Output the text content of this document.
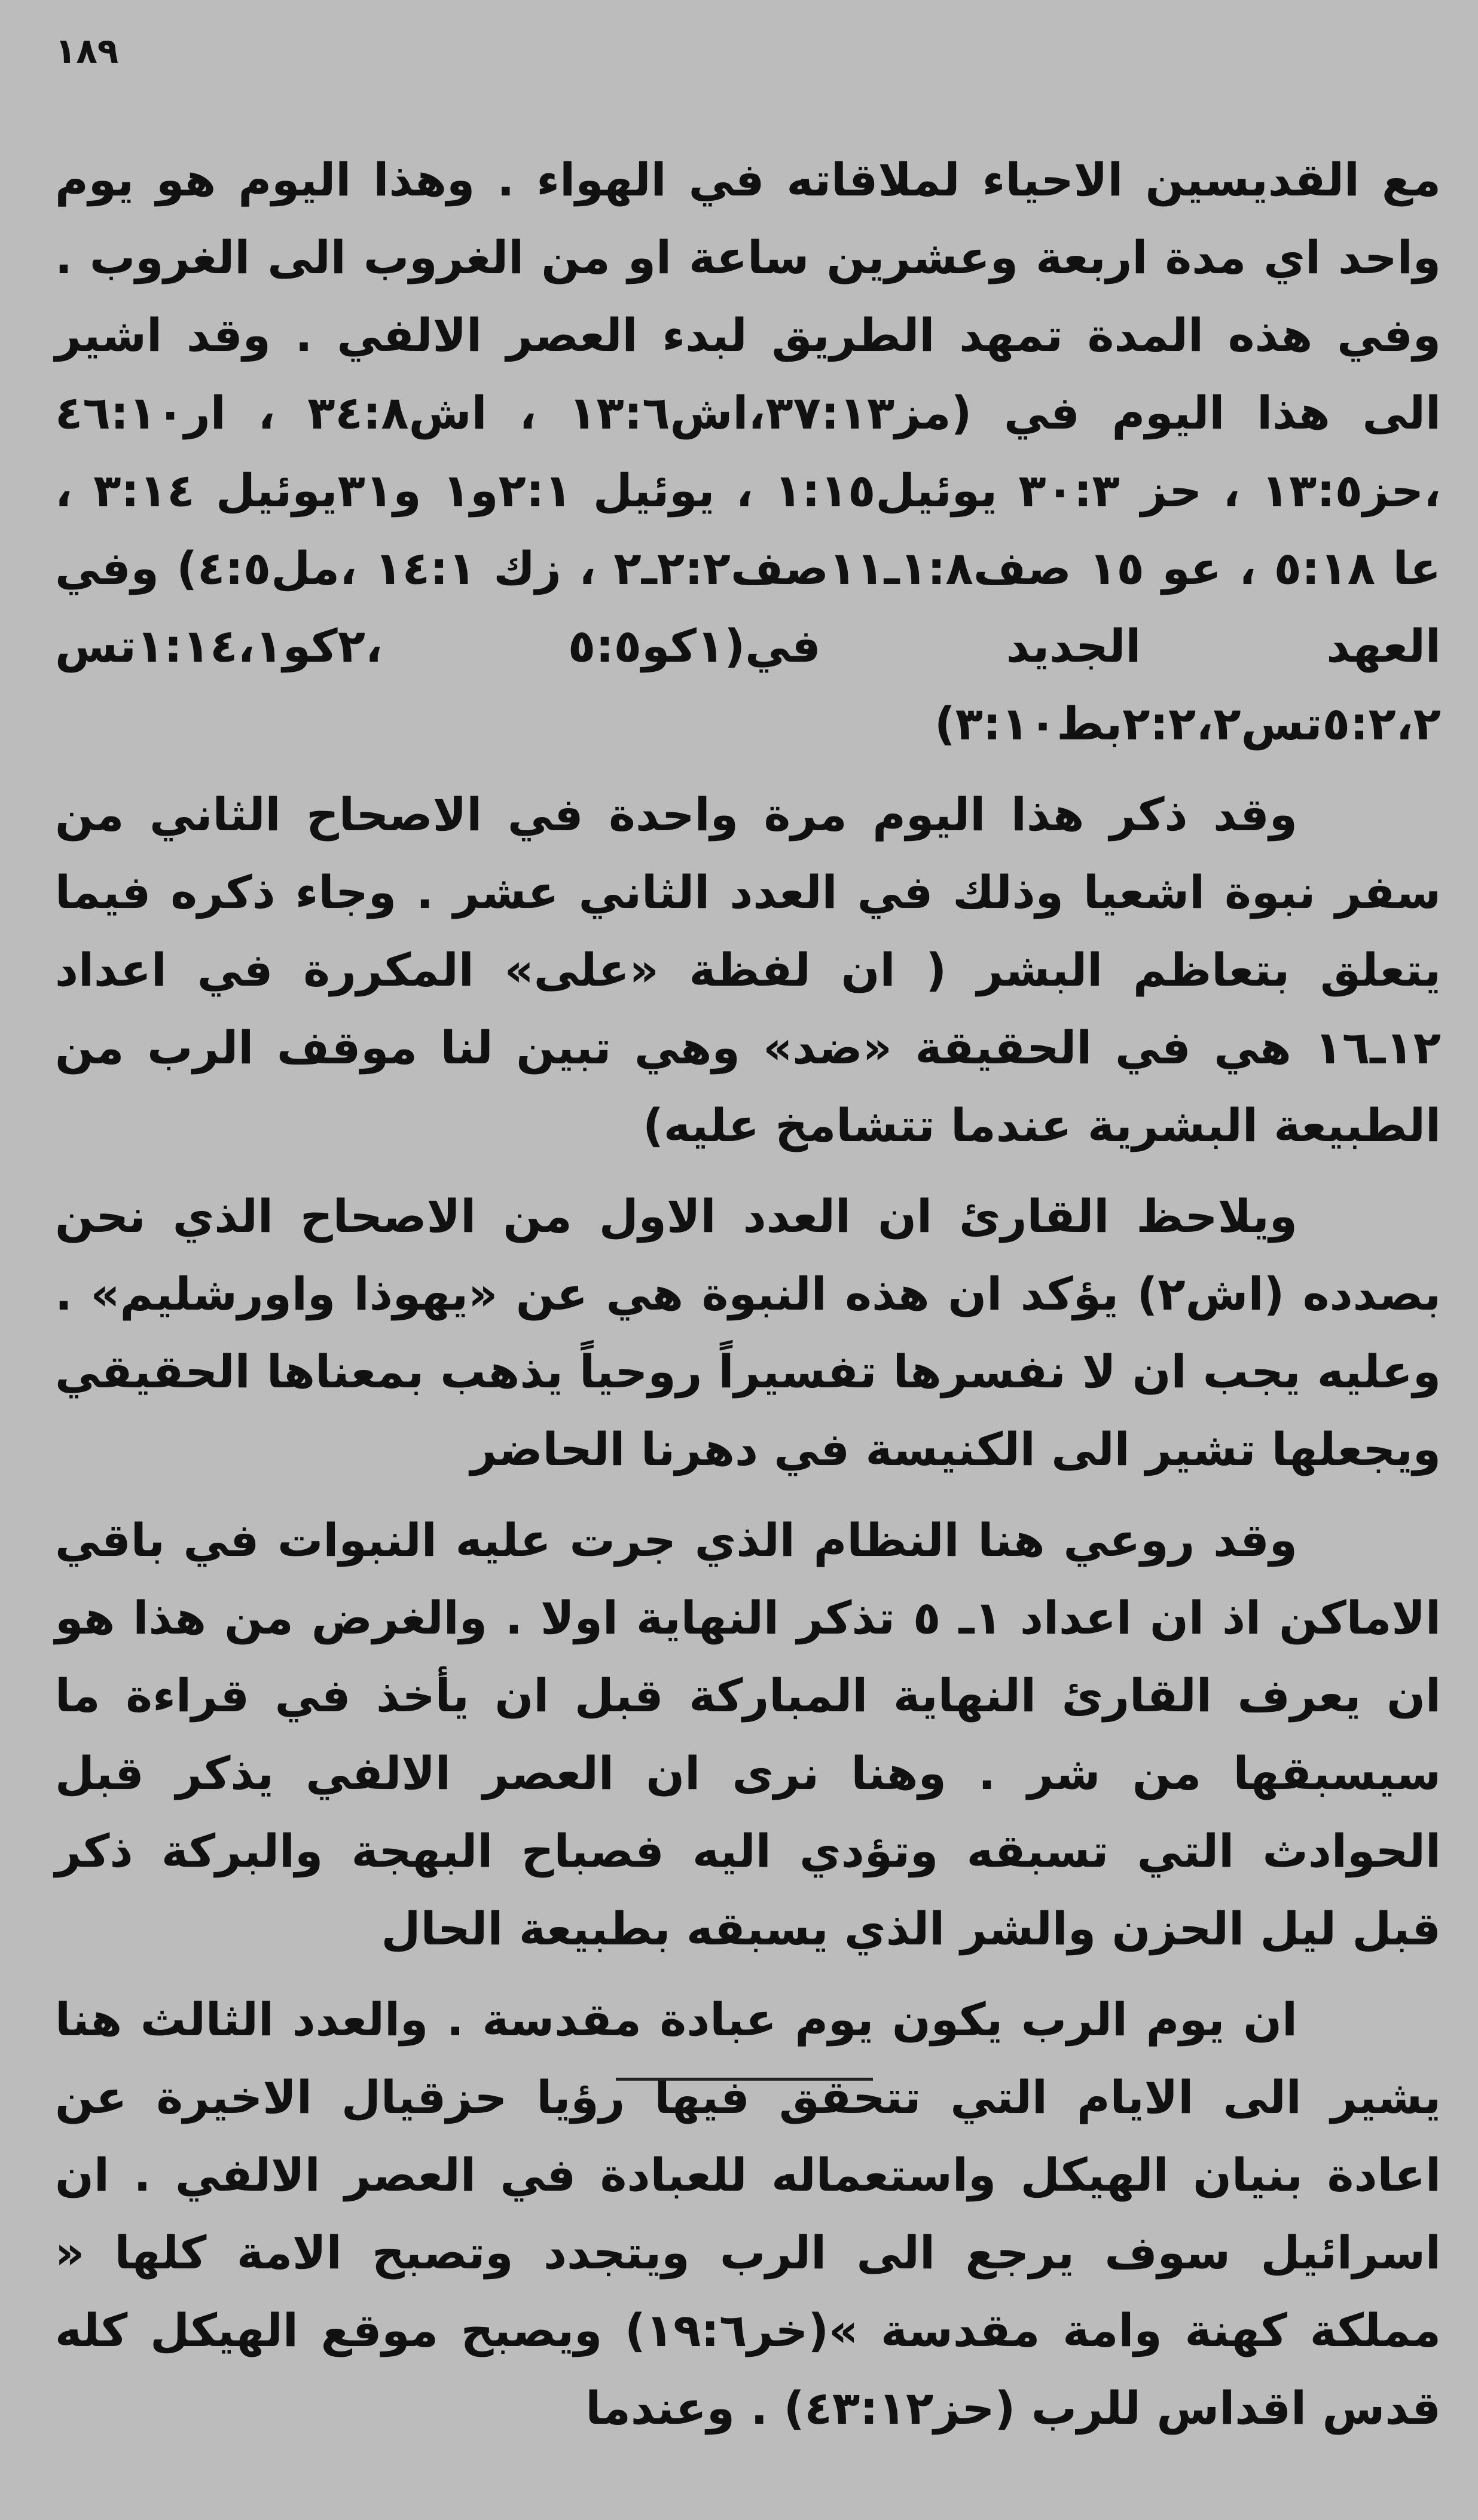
١٨٩

مع القديسين الاحياء لملاقاته في الهواء . وهذا اليوم هو يوم واحد اي مدة اربعة وعشرين ساعة او من الغروب الى الغروب . وفي هذه المدة تمهد الطريق لبدء العصر الالفي . وقد اشير الى هذا اليوم في (مز٣٧:١٣،اش١٣:٦ ، اش٣٤:٨ ، ار٤٦:١٠ ،حز١٣:٥ ، حز ٣٠:٣ يوئيل١:١٥ ، يوئيل ٢:١و١ و٣١يوئيل ٣:١٤ ، عا ٥:١٨ ، عو ١٥ صف١:٨ـ١١صف٢:٢ـ٢ ، زك ١٤:١ ،مل٤:٥) وفي العهد الجديد في(١كو٥:٥ ،٢كو١:١٤،١تس ٥:٢،٢تس٢:٢،٢بط٣:١٠)

وقد ذكر هذا اليوم مرة واحدة في الاصحاح الثاني من سفر نبوة اشعيا وذلك في العدد الثاني عشر . وجاء ذكره فيما يتعلق بتعاظم البشر ( ان لفظة «على» المكررة في اعداد ١٢ـ١٦ هي في الحقيقة «ضد» وهي تبين لنا موقف الرب من الطبيعة البشرية عندما تتشامخ عليه)

ويلاحظ القارئ ان العدد الاول من الاصحاح الذي نحن بصدده (اش٢) يؤكد ان هذه النبوة هي عن «يهوذا واورشليم» . وعليه يجب ان لا نفسرها تفسيراً روحياً يذهب بمعناها الحقيقي ويجعلها تشير الى الكنيسة في دهرنا الحاضر

وقد روعي هنا النظام الذي جرت عليه النبوات في باقي الاماكن اذ ان اعداد ١ـ ٥ تذكر النهاية اولا . والغرض من هذا هو ان يعرف القارئ النهاية المباركة قبل ان يأخذ في قراءة ما سيسبقها من شر . وهنا نرى ان العصر الالفي يذكر قبل الحوادث التي تسبقه وتؤدي اليه فصباح البهجة والبركة ذكر قبل ليل الحزن والشر الذي يسبقه بطبيعة الحال

ان يوم الرب يكون يوم عبادة مقدسة . والعدد الثالث هنا يشير الى الايام التي تتحقق فيها رؤيا حزقيال الاخيرة عن اعادة بنيان الهيكل واستعماله للعبادة في العصر الالفي . ان اسرائيل سوف يرجع الى الرب ويتجدد وتصبح الامة كلها « مملكة كهنة وامة مقدسة »(خر١٩:٦) ويصبح موقع الهيكل كله قدس اقداس للرب (حز٤٣:١٢) . وعندما
